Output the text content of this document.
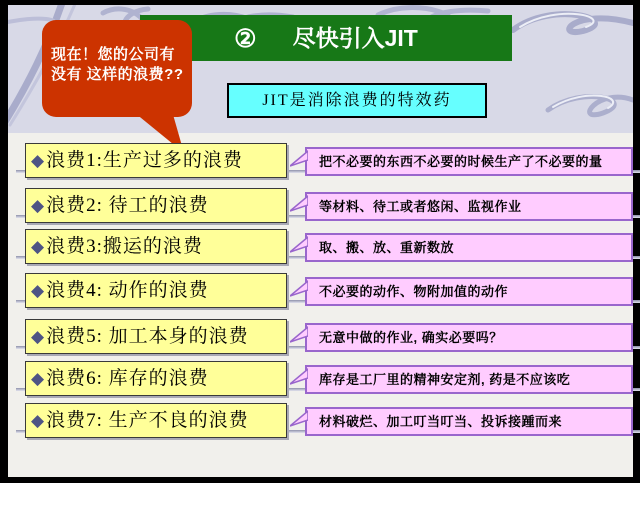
② 尽快引入JIT
现在！您的公司有
没有 这样的浪费??
JIT是消除浪费的特效药
◆浪费1:生产过多的浪费	把不必要的东西不必要的时候生产了不必要的量
◆浪费2: 待工的浪费	等材料、待工或者悠闲、监视作业
◆浪费3:搬运的浪费	取、搬、放、重新数放
◆浪费4: 动作的浪费	不必要的动作、物附加值的动作
◆浪费5: 加工本身的浪费	无意中做的作业, 确实必要吗？
◆浪费6: 库存的浪费	库存是工厂里的精神安定剂, 药是不应该吃
◆浪费7: 生产不良的浪费	材料破烂、加工叮当叮当、投诉接踵而来
